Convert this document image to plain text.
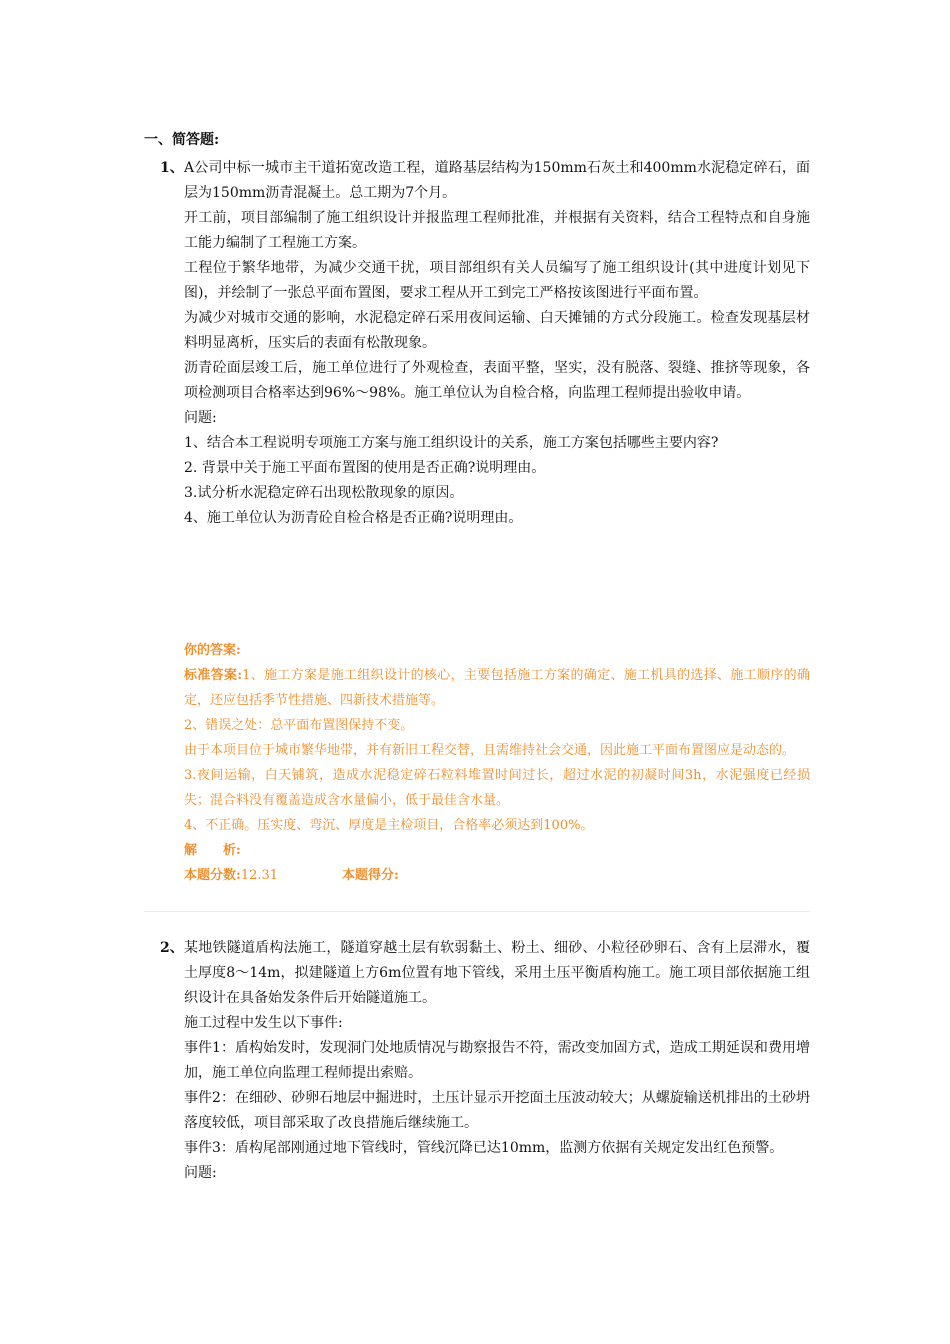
一、简答题:
1、 A公司中标一城市主干道拓宽改造工程，道路基层结构为150mm石灰土和400mm水泥稳定碎石，面层为150mm沥青混凝土。总工期为7个月。

开工前，项目部编制了施工组织设计并报监理工程师批准，并根据有关资料，结合工程特点和自身施工能力编制了工程施工方案。

工程位于繁华地带，为减少交通干扰，项目部组织有关人员编写了施工组织设计(其中进度计划见下图)，并绘制了一张总平面布置图，要求工程从开工到完工严格按该图进行平面布置。

为减少对城市交通的影响，水泥稳定碎石采用夜间运输、白天摊铺的方式分段施工。检查发现基层材料明显离析，压实后的表面有松散现象。

沥青砼面层竣工后，施工单位进行了外观检查，表面平整，坚实，没有脱落、裂缝、推挤等现象，各项检测项目合格率达到96%～98%。施工单位认为自检合格，向监理工程师提出验收申请。

问题:

1、结合本工程说明专项施工方案与施工组织设计的关系，施工方案包括哪些主要内容?

2. 背景中关于施工平面布置图的使用是否正确?说明理由。

3.试分析水泥稳定碎石出现松散现象的原因。

4、施工单位认为沥青砼自检合格是否正确?说明理由。

你的答案:

标准答案:1、施工方案是施工组织设计的核心，主要包括施工方案的确定、施工机具的选择、施工顺序的确定，还应包括季节性措施、四新技术措施等。

2、错误之处：总平面布置图保持不变。

由于本项目位于城市繁华地带，并有新旧工程交替，且需维持社会交通，因此施工平面布置图应是动态的。

3.夜间运输，白天铺筑，造成水泥稳定碎石粒料堆置时间过长，超过水泥的初凝时间3h，水泥强度已经损失；混合料没有覆盖造成含水量偏小，低于最佳含水量。

4、不正确。压实度、弯沉、厚度是主检项目，合格率必须达到100%。

解　　析:

本题分数:12.31	本题得分:

2、 某地铁隧道盾构法施工，隧道穿越土层有软弱黏土、粉土、细砂、小粒径砂卵石、含有上层滞水，覆土厚度8～14m，拟建隧道上方6m位置有地下管线，采用土压平衡盾构施工。施工项目部依据施工组织设计在具备始发条件后开始隧道施工。

施工过程中发生以下事件:

事件1：盾构始发时，发现洞门处地质情况与勘察报告不符，需改变加固方式，造成工期延误和费用增加，施工单位向监理工程师提出索赔。

事件2：在细砂、砂卵石地层中掘进时，土压计显示开挖面土压波动较大；从螺旋输送机排出的土砂坍落度较低，项目部采取了改良措施后继续施工。

事件3：盾构尾部刚通过地下管线时，管线沉降已达10mm，监测方依据有关规定发出红色预警。

问题:
